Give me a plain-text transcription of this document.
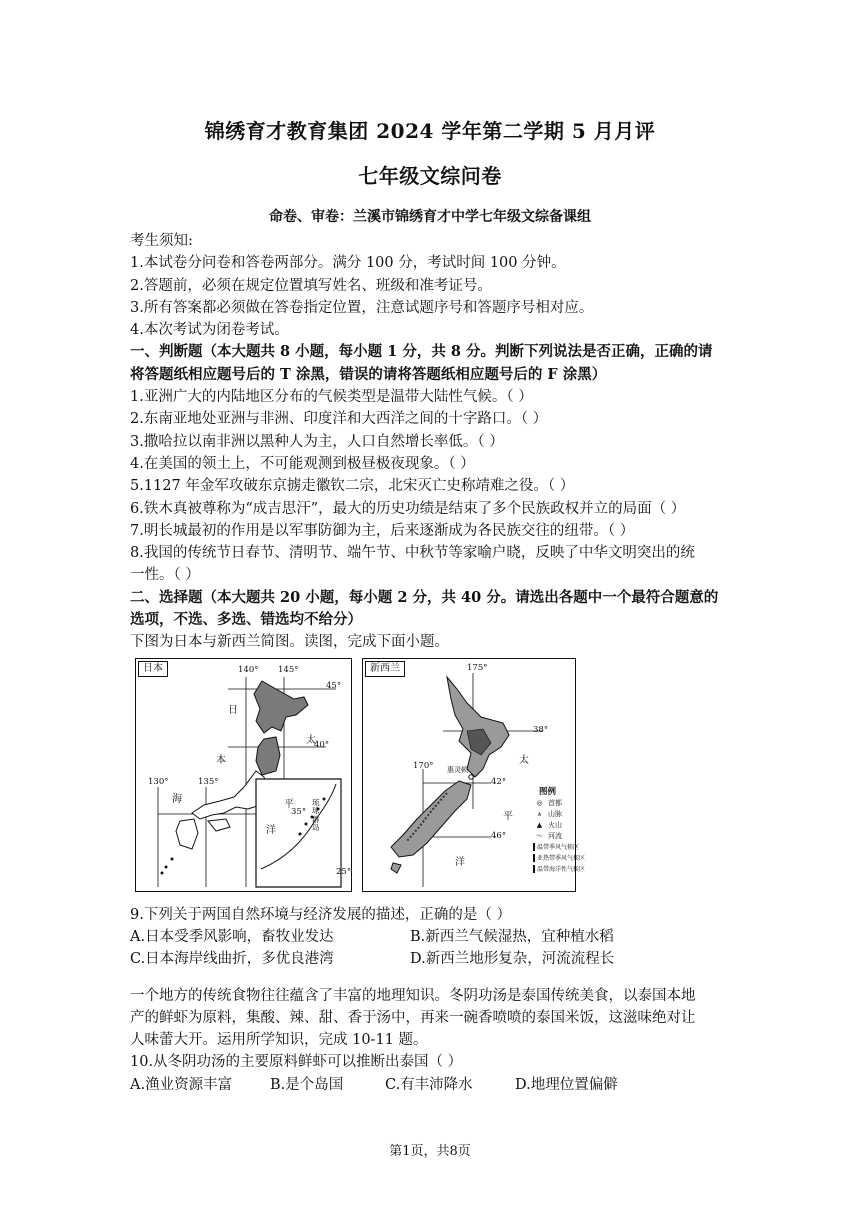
锦绣育才教育集团 2024 学年第二学期 5 月月评
七年级文综问卷
命卷、审卷：兰溪市锦绣育才中学七年级文综备课组
考生须知:
1.本试卷分问卷和答卷两部分。满分 100 分，考试时间 100 分钟。
2.答题前，必须在规定位置填写姓名、班级和准考证号。
3.所有答案都必须做在答卷指定位置，注意试题序号和答题序号相对应。
4.本次考试为闭卷考试。
一、判断题（本大题共 8 小题，每小题 1 分，共 8 分。判断下列说法是否正确，正确的请
将答题纸相应题号后的 T 涂黑，错误的请将答题纸相应题号后的 F 涂黑）
1.亚洲广大的内陆地区分布的气候类型是温带大陆性气候。（ ）
2.东南亚地处亚洲与非洲、印度洋和大西洋之间的十字路口。（ ）
3.撒哈拉以南非洲以黑种人为主，人口自然增长率低。（ ）
4.在美国的领土上，不可能观测到极昼极夜现象。（ ）
5.1127 年金军攻破东京掳走徽钦二宗，北宋灭亡史称靖难之役。（ ）
6.铁木真被尊称为“成吉思汗”，最大的历史功绩是结束了多个民族政权并立的局面（ ）
7.明长城最初的作用是以军事防御为主，后来逐渐成为各民族交往的纽带。（ ）
8.我国的传统节日春节、清明节、端午节、中秋节等家喻户晓，反映了中华文明突出的统
一性。（ ）
二、选择题（本大题共 20 小题，每小题 2 分，共 40 分。请选出各题中一个最符合题意的
选项，不选、多选、错选均不给分）
下图为日本与新西兰简图。读图，完成下面小题。
日本	140° 145°
45°
40°
130°	135°
35°
25°
日
本
海
太
平
洋
琉球群岛
新西兰	175°
38°
170°
42°
46°
惠灵顿
太
平
洋
图例
◎ 首都
⩚ 山脉
▲ 火山
〜 河流
温带季风气候区
亚热带季风气候区
温带海洋性气候区
9.下列关于两国自然环境与经济发展的描述，正确的是（ ）
A.日本受季风影响，畜牧业发达	B.新西兰气候湿热，宜种植水稻
C.日本海岸线曲折，多优良港湾	D.新西兰地形复杂，河流流程长
一个地方的传统食物往往蕴含了丰富的地理知识。冬阴功汤是泰国传统美食，以泰国本地
产的鲜虾为原料，集酸、辣、甜、香于汤中，再来一碗香喷喷的泰国米饭，这滋味绝对让
人味蕾大开。运用所学知识，完成 10-11 题。
10.从冬阴功汤的主要原料鲜虾可以推断出泰国（ ）
A.渔业资源丰富	B.是个岛国	C.有丰沛降水	D.地理位置偏僻
第1页，共8页
